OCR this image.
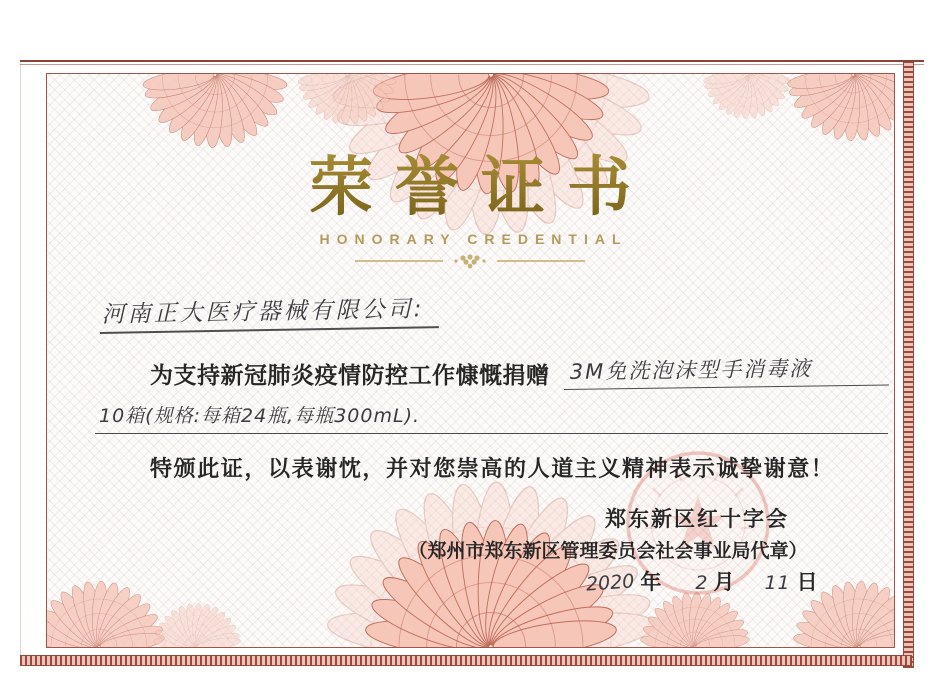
荣誉证书
HONORARY CREDENTIAL
河南正大医疗器械有限公司:
为支持新冠肺炎疫情防控工作慷慨捐赠 3M免洗泡沫型手消毒液
10箱(规格:每箱24瓶,每瓶300mL).
特颁此证，以表谢忱，并对您崇高的人道主义精神表示诚挚谢意！
郑东新区红十字会
（郑州市郑东新区管理委员会社会事业局代章）
2020 年 2 月 11 日
